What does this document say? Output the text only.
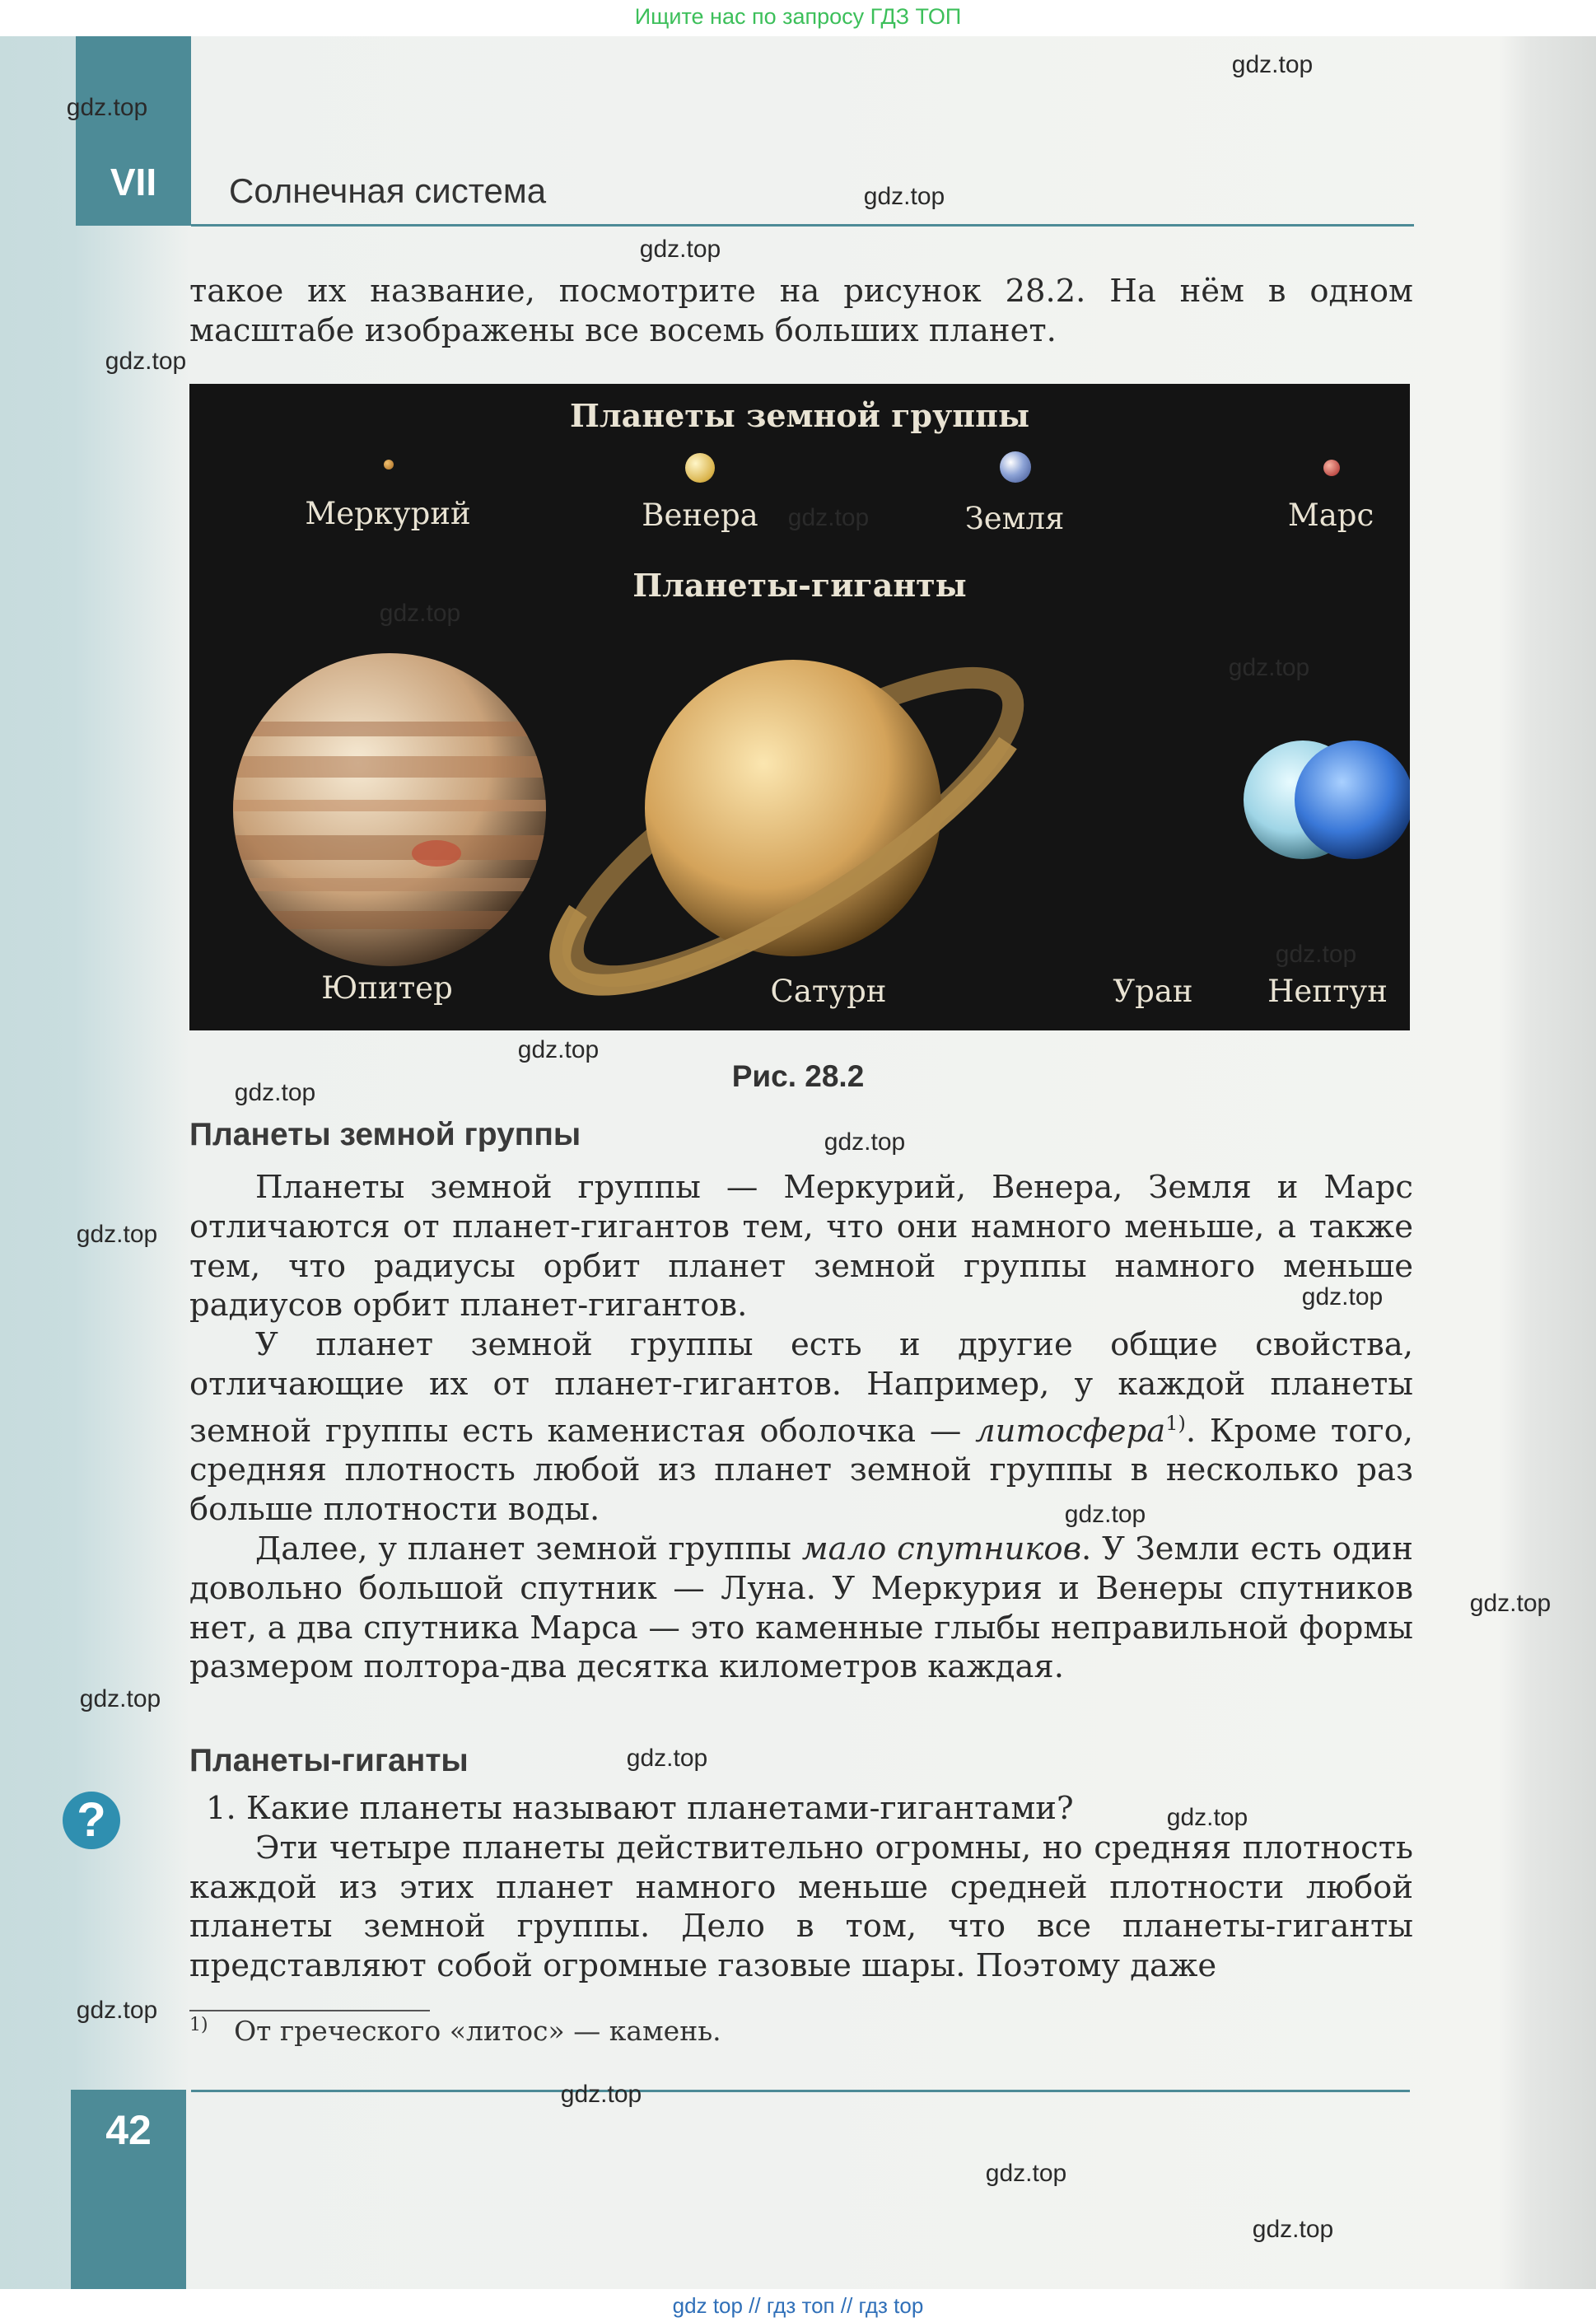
Ищите нас по запросу ГДЗ ТОП
VII	Солнечная система

такое их название, посмотрите на рисунок 28.2. На нём в одном масштабе изображены все восемь больших планет.

Планеты земной группы
Меркурий	Венера	Земля	Марс
Планеты-гиганты
Юпитер	Сатурн	Уран Нептун
Рис. 28.2
Планеты земной группы

Планеты земной группы — Меркурий, Венера, Земля и Марс отличаются от планет-гигантов тем, что они намного меньше, а также тем, что радиусы орбит планет земной группы намного меньше радиусов орбит планет-гигантов.

У планет земной группы есть и другие общие свойства, отличающие их от планет-гигантов. Например, у каждой планеты земной группы есть каменистая оболочка — литосфера$^{1)}$. Кроме того, средняя плотность любой из планет земной группы в несколько раз больше плотности воды.

Далее, у планет земной группы мало спутников. У Земли есть один довольно большой спутник — Луна. У Меркурия и Венеры спутников нет, а два спутника Марса — это каменные глыбы неправильной формы размером полтора-два десятка километров каждая.

Планеты-гиганты
?	1. Какие планеты называют планетами-гигантами?

Эти четыре планеты действительно огромны, но средняя плотность каждой из этих планет намного меньше средней плотности любой планеты земной группы. Дело в том, что все планеты-гиганты представляют собой огромные газовые шары. Поэтому даже

$^{1)}$ От греческого «литос» — камень.
42
gdz.top
gdz.top
gdz.top
gdz.top
gdz.top
gdz.top
gdz.top
gdz.top
gdz.top
gdz.top
gdz.top
gdz.top
gdz.top
gdz.top
gdz.top
gdz.top
gdz.top
gdz.top
gdz.top
gdz.top
gdz.top
gdz.top
gdz.top
gdz top // гдз топ // гдз top
